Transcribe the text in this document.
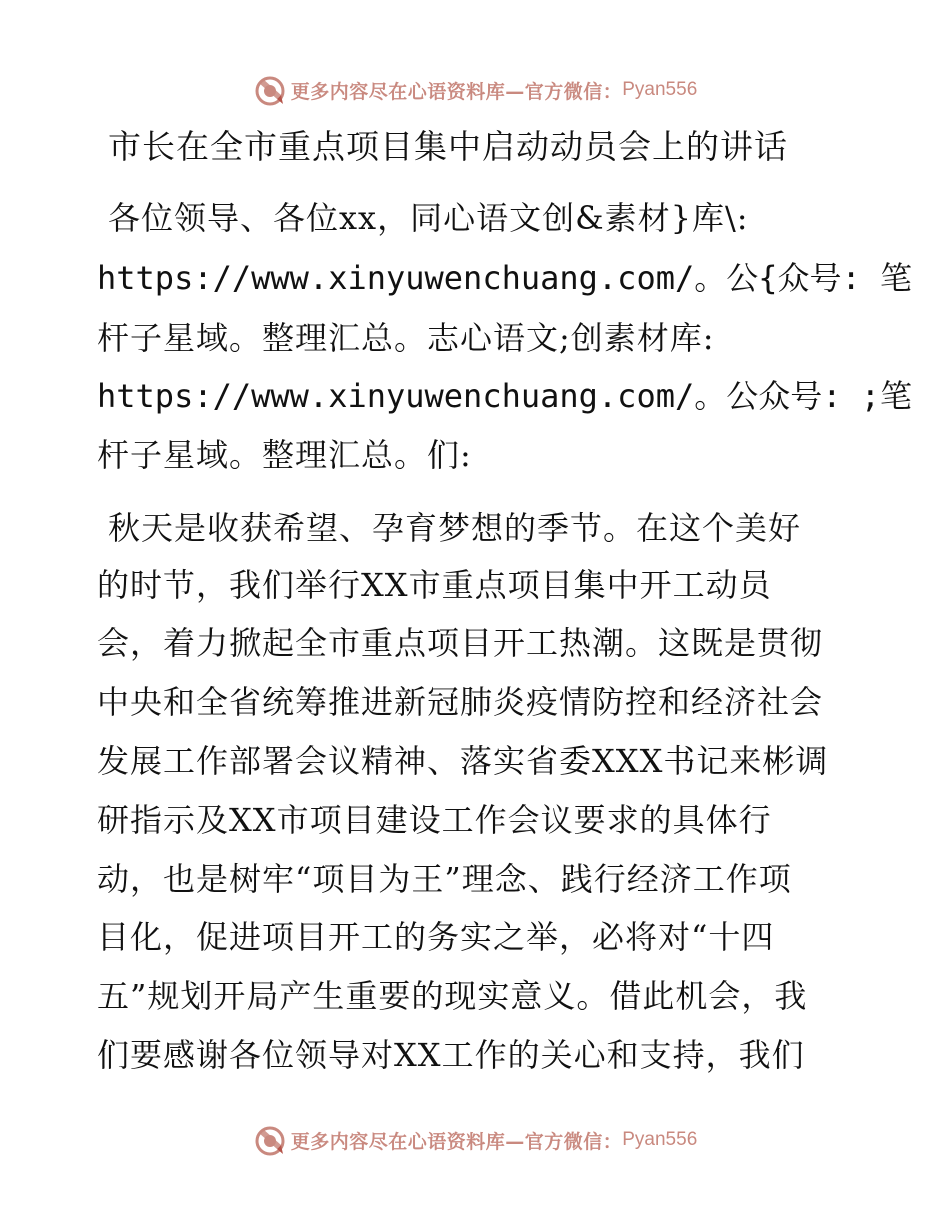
更多内容尽在心语资料库—官方微信： Pyan556
市长在全市重点项目集中启动动员会上的讲话
各位领导、各位xx，同心语文创&素材}库\:
https://www.xinyuwenchuang.com/。公{众号: 笔
杆子星域。整理汇总。志心语文;创素材库:
https://www.xinyuwenchuang.com/。公众号: ;笔
杆子星域。整理汇总。们:
秋天是收获希望、孕育梦想的季节。在这个美好
的时节，我们举行XX市重点项目集中开工动员
会，着力掀起全市重点项目开工热潮。这既是贯彻
中央和全省统筹推进新冠肺炎疫情防控和经济社会
发展工作部署会议精神、落实省委XXX书记来彬调
研指示及XX市项目建设工作会议要求的具体行
动，也是树牢“项目为王”理念、践行经济工作项
目化，促进项目开工的务实之举，必将对“十四
五”规划开局产生重要的现实意义。借此机会，我
们要感谢各位领导对XX工作的关心和支持，我们
更多内容尽在心语资料库—官方微信： Pyan556
